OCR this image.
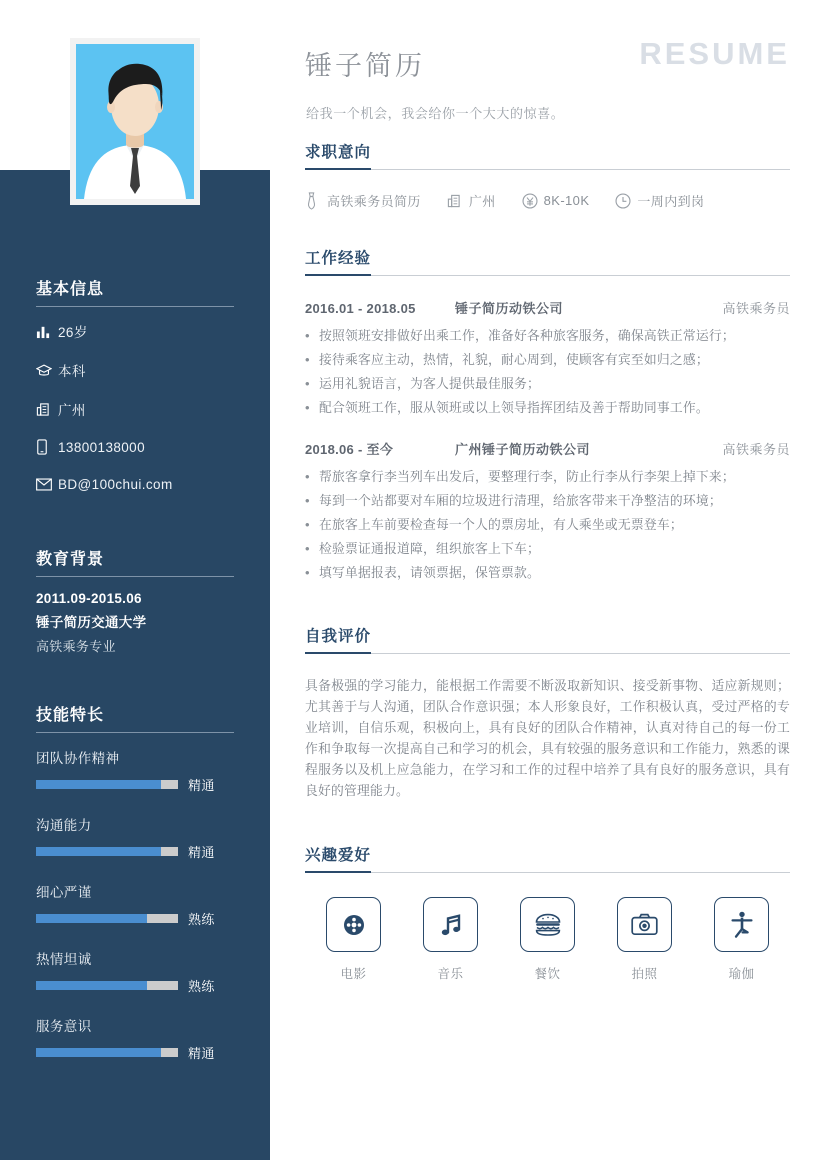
基本信息
26岁
本科
广州
13800138000
BD@100chui.com
教育背景
2011.09-2015.06
锤子简历交通大学
高铁乘务专业
技能特长
团队协作精神
精通
沟通能力
精通
细心严谨
熟练
热情坦诚
熟练
服务意识
精通
锤子简历	RESUME
给我一个机会，我会给你一个大大的惊喜。
求职意向
高铁乘务员简历	广州	8K-10K	一周内到岗
工作经验
2016.01 - 2018.05	锤子简历动铁公司	高铁乘务员
• 按照领班安排做好出乘工作，准备好各种旅客服务，确保高铁正常运行；
• 接待乘客应主动，热情，礼貌，耐心周到，使顾客有宾至如归之感；
• 运用礼貌语言，为客人提供最佳服务；
• 配合领班工作，服从领班或以上领导指挥团结及善于帮助同事工作。
2018.06 - 至今	广州锤子简历动铁公司	高铁乘务员
• 帮旅客拿行李当列车出发后，要整理行李，防止行李从行李架上掉下来；
• 每到一个站都要对车厢的垃圾进行清理，给旅客带来干净整洁的环境；
• 在旅客上车前要检查每一个人的票房址，有人乘坐或无票登车；
• 检验票证通报道障，组织旅客上下车；
• 填写单据报表，请领票据，保管票款。
自我评价
具备极强的学习能力，能根据工作需要不断汲取新知识、接受新事物、适应新规则；尤其善于与人沟通，团队合作意识强；本人形象良好，工作积极认真，受过严格的专业培训，自信乐观，积极向上，具有良好的团队合作精神，认真对待自己的每一份工作和争取每一次提高自己和学习的机会，具有较强的服务意识和工作能力，熟悉的课程服务以及机上应急能力，在学习和工作的过程中培养了具有良好的服务意识，具有良好的管理能力。
兴趣爱好
电影	音乐	餐饮	拍照	瑜伽
